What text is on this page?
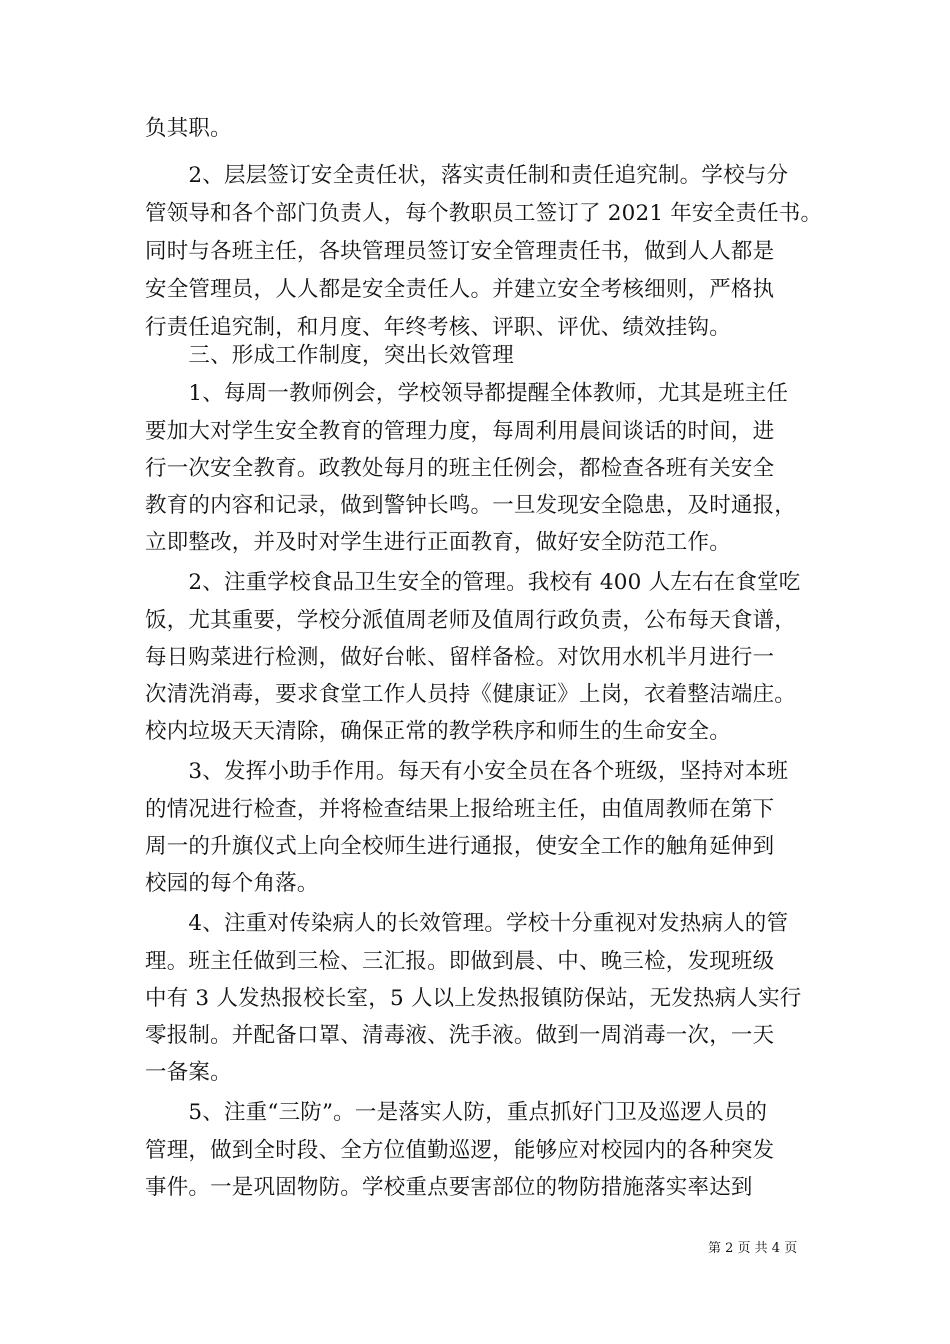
负其职。
　　2、层层签订安全责任状，落实责任制和责任追究制。学校与分
管领导和各个部门负责人，每个教职员工签订了 2021 年安全责任书。
同时与各班主任，各块管理员签订安全管理责任书，做到人人都是
安全管理员，人人都是安全责任人。并建立安全考核细则，严格执
行责任追究制，和月度、年终考核、评职、评优、绩效挂钩。
　　三、形成工作制度，突出长效管理
　　1、每周一教师例会，学校领导都提醒全体教师，尤其是班主任
要加大对学生安全教育的管理力度，每周利用晨间谈话的时间，进
行一次安全教育。政教处每月的班主任例会，都检查各班有关安全
教育的内容和记录，做到警钟长鸣。一旦发现安全隐患，及时通报，
立即整改，并及时对学生进行正面教育，做好安全防范工作。
　　2、注重学校食品卫生安全的管理。我校有 400 人左右在食堂吃
饭，尤其重要，学校分派值周老师及值周行政负责，公布每天食谱，
每日购菜进行检测，做好台帐、留样备检。对饮用水机半月进行一
次清洗消毒，要求食堂工作人员持《健康证》上岗，衣着整洁端庄。
校内垃圾天天清除，确保正常的教学秩序和师生的生命安全。
　　3、发挥小助手作用。每天有小安全员在各个班级，坚持对本班
的情况进行检查，并将检查结果上报给班主任，由值周教师在第下
周一的升旗仪式上向全校师生进行通报，使安全工作的触角延伸到
校园的每个角落。
　　4、注重对传染病人的长效管理。学校十分重视对发热病人的管
理。班主任做到三检、三汇报。即做到晨、中、晚三检，发现班级
中有 3 人发热报校长室，5 人以上发热报镇防保站，无发热病人实行
零报制。并配备口罩、清毒液、洗手液。做到一周消毒一次，一天
一备案。
　　5、注重“三防”。一是落实人防，重点抓好门卫及巡逻人员的
管理，做到全时段、全方位值勤巡逻，能够应对校园内的各种突发
事件。一是巩固物防。学校重点要害部位的物防措施落实率达到
第 2 页 共 4 页
